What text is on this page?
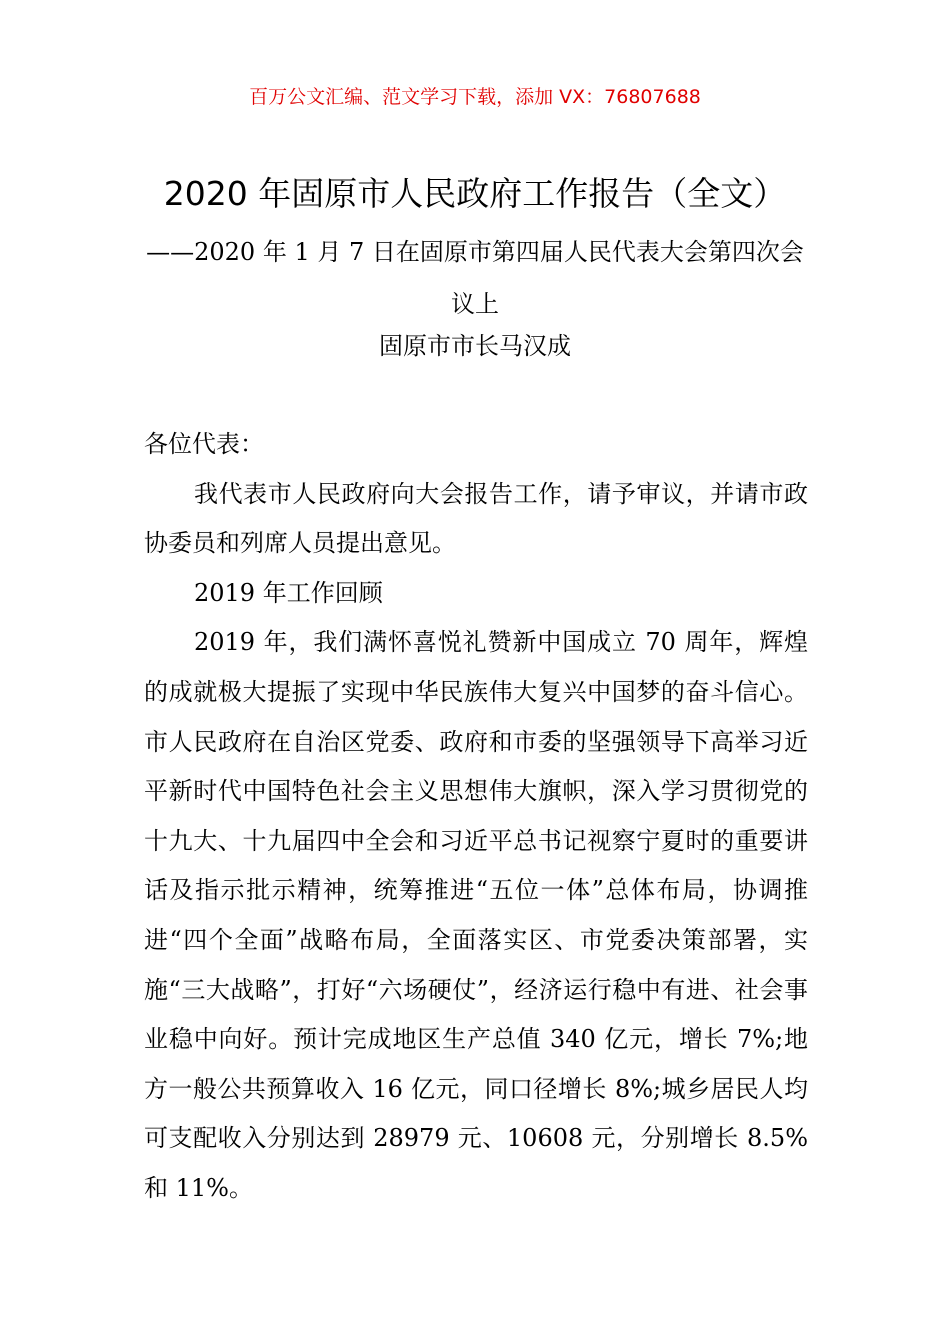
百万公文汇编、范文学习下载，添加 VX：76807688
2020 年固原市人民政府工作报告（全文）
——2020 年 1 月 7 日在固原市第四届人民代表大会第四次会议上
固原市市长马汉成

各位代表：

我代表市人民政府向大会报告工作，请予审议，并请市政协委员和列席人员提出意见。

2019 年工作回顾

2019 年，我们满怀喜悦礼赞新中国成立 70 周年，辉煌的成就极大提振了实现中华民族伟大复兴中国梦的奋斗信心。市人民政府在自治区党委、政府和市委的坚强领导下高举习近平新时代中国特色社会主义思想伟大旗帜，深入学习贯彻党的十九大、十九届四中全会和习近平总书记视察宁夏时的重要讲话及指示批示精神，统筹推进“五位一体”总体布局，协调推进“四个全面”战略布局，全面落实区、市党委决策部署，实施“三大战略”，打好“六场硬仗”，经济运行稳中有进、社会事业稳中向好。预计完成地区生产总值 340 亿元，增长 7%;地方一般公共预算收入 16 亿元，同口径增长 8%;城乡居民人均可支配收入分别达到 28979 元、10608 元，分别增长 8.5%和 11%。
